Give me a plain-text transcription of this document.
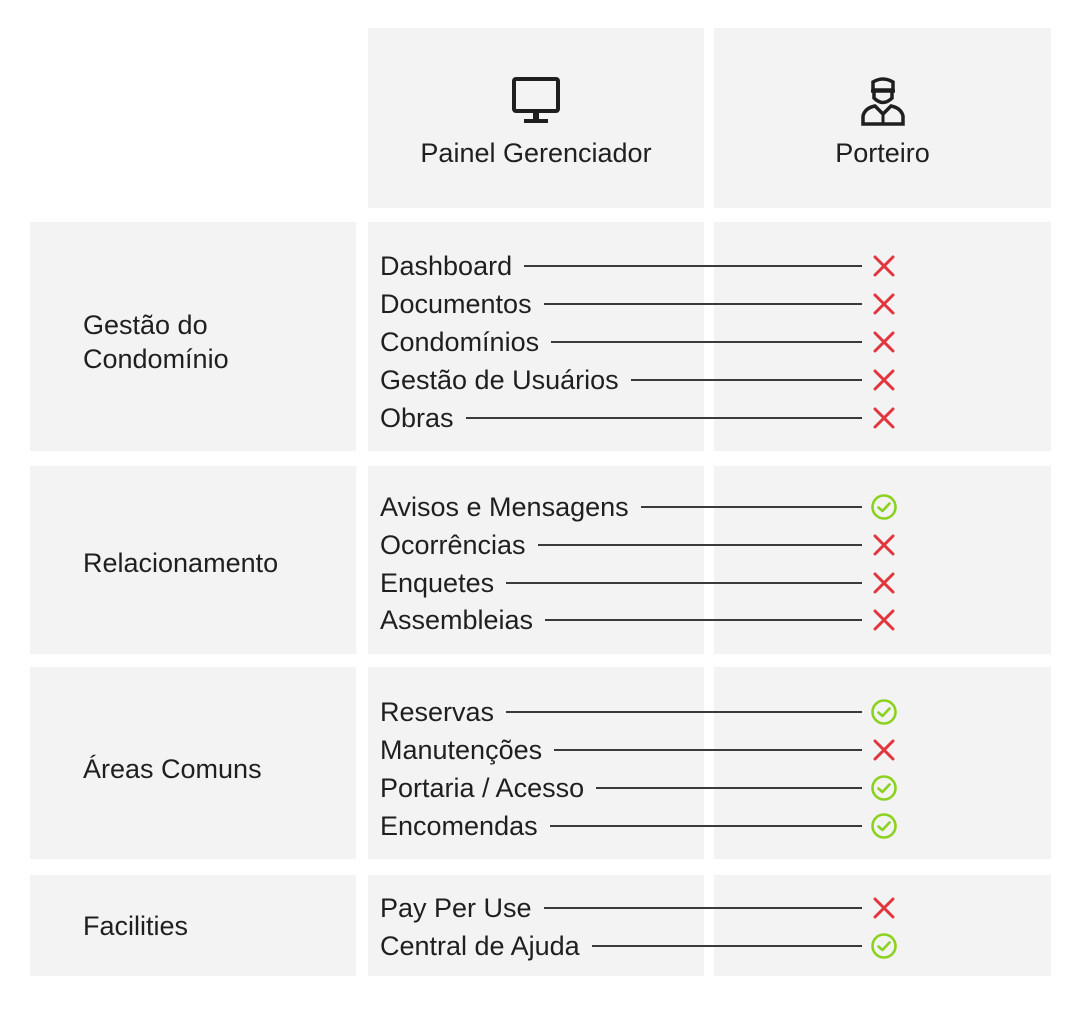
Painel Gerenciador	Porteiro
Gestão do
Condomínio
Relacionamento
Áreas Comuns
Facilities
Dashboard
Documentos
Condomínios
Gestão de Usuários
Obras
Avisos e Mensagens
Ocorrências
Enquetes
Assembleias
Reservas
Manutenções
Portaria / Acesso
Encomendas
Pay Per Use
Central de Ajuda
